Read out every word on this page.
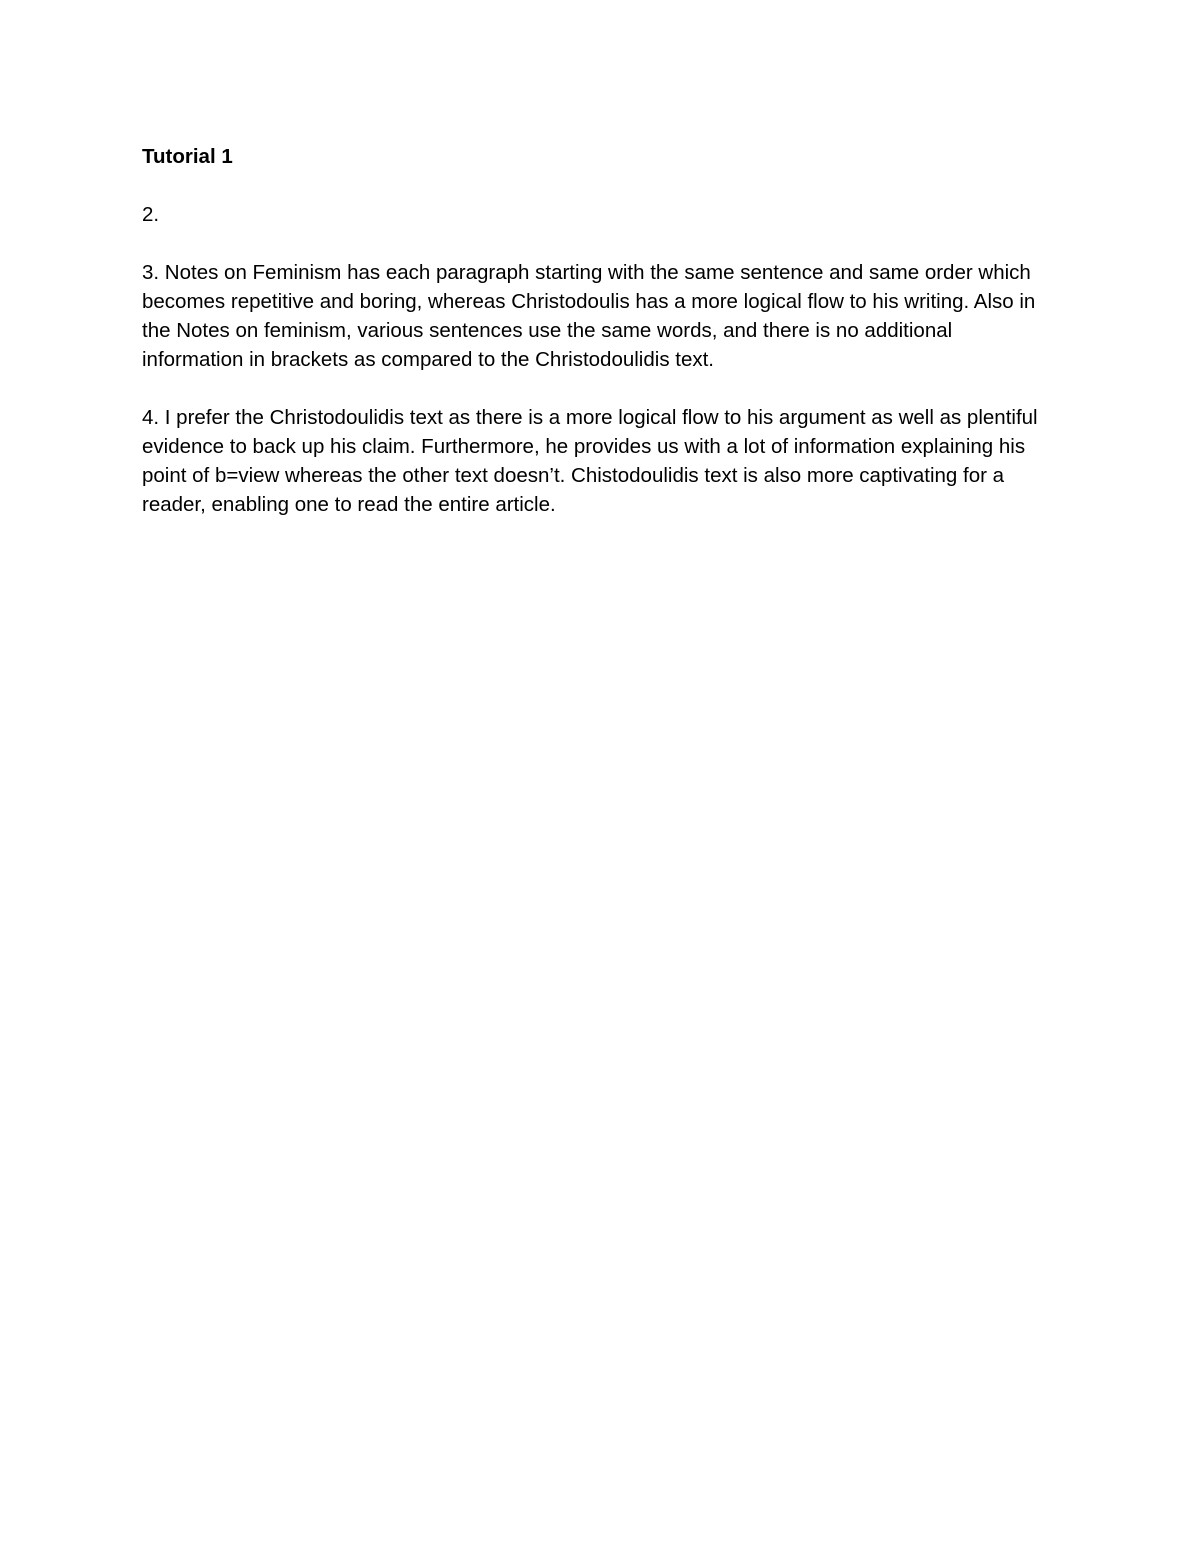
Tutorial 1

2.

3. Notes on Feminism has each paragraph starting with the same sentence and same order which becomes repetitive and boring, whereas Christodoulis has a more logical flow to his writing. Also in the Notes on feminism, various sentences use the same words, and there is no additional information in brackets as compared to the Christodoulidis text.

4. I prefer the Christodoulidis text as there is a more logical flow to his argument as well as plentiful evidence to back up his claim. Furthermore, he provides us with a lot of information explaining his point of b=view whereas the other text doesn’t. Chistodoulidis text is also more captivating for a reader, enabling one to read the entire article.
